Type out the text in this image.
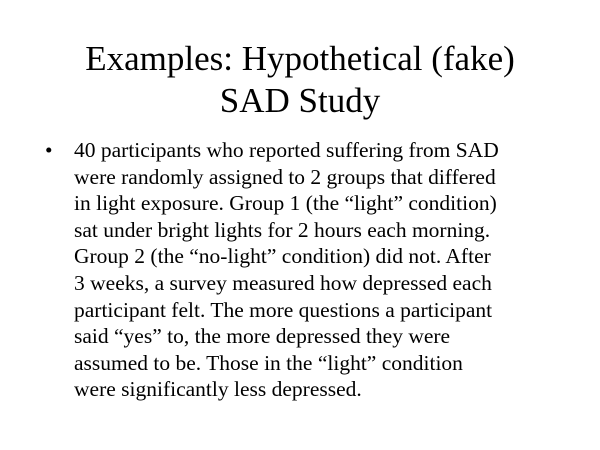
Examples: Hypothetical (fake)
SAD Study
• 40 participants who reported suffering from SAD
were randomly assigned to 2 groups that differed
in light exposure. Group 1 (the “light” condition)
sat under bright lights for 2 hours each morning.
Group 2 (the “no-light” condition) did not. After
3 weeks, a survey measured how depressed each
participant felt. The more questions a participant
said “yes” to, the more depressed they were
assumed to be. Those in the “light” condition
were significantly less depressed.
